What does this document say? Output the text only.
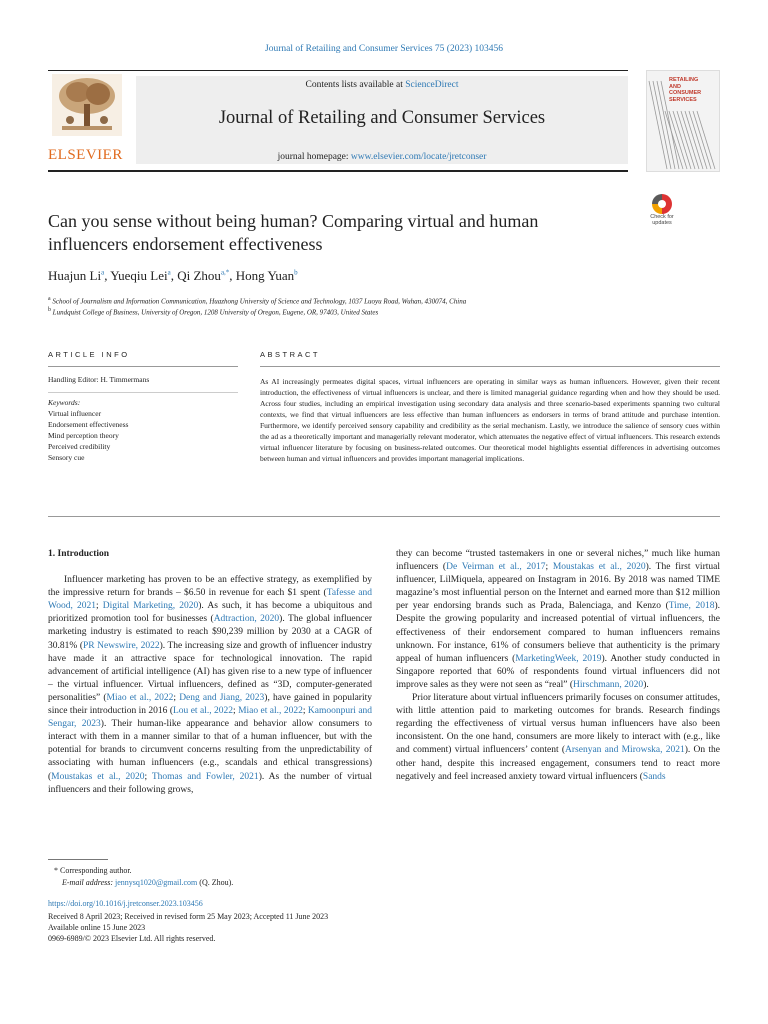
Journal of Retailing and Consumer Services 75 (2023) 103456
ELSEVIER
Contents lists available at ScienceDirect
Journal of Retailing and Consumer Services
journal homepage: www.elsevier.com/locate/jretconser
RETAILING
AND
CONSUMER
SERVICES
Check for
updates
Can you sense without being human? Comparing virtual and human influencers endorsement effectiveness
Huajun Li$^a$, Yueqiu Lei$^a$, Qi Zhou$^{a,*}$, Hong Yuan$^b$
$^a$ School of Journalism and Information Communication, Huazhong University of Science and Technology, 1037 Luoyu Road, Wuhan, 430074, China
$^b$ Lundquist College of Business, University of Oregon, 1208 University of Oregon, Eugene, OR, 97403, United States
ARTICLE INFO	ABSTRACT
Handling Editor: H. Timmermans
Keywords:
Virtual influencer
Endorsement effectiveness
Mind perception theory
Perceived credibility
Sensory cue
As AI increasingly permeates digital spaces, virtual influencers are operating in similar ways as human influencers. However, given their recent introduction, the effectiveness of virtual influencers is unclear, and there is limited managerial guidance regarding when and how they should be used. Across four studies, including an empirical investigation using secondary data analysis and three scenario-based experiments spanning two cultural contexts, we find that virtual influencers are less effective than human influencers as endorsers in terms of brand attitude and purchase intention. Furthermore, we identify perceived sensory capability and credibility as the serial mechanism. Lastly, we introduce the salience of sensory cues within the ad as a theoretically important and managerially relevant moderator, which attenuates the negative effect of virtual influencers. This research extends virtual influencer literature by focusing on business-related outcomes. Our theoretical model highlights essential differences in advertising outcomes between human and virtual influencers and provides important managerial implications.

1. Introduction

Influencer marketing has proven to be an effective strategy, as exemplified by the impressive return for brands – $6.50 in revenue for each $1 spent (Tafesse and Wood, 2021; Digital Marketing, 2020). As such, it has become a ubiquitous and prioritized promotion tool for businesses (Adtraction, 2020). The global influencer marketing industry is estimated to reach $90,239 million by 2030 at a CAGR of 30.81% (PR Newswire, 2022). The increasing size and growth of influencer industry have made it an attractive space for technological innovation. The rapid advancement of artificial intelligence (AI) has given rise to a new type of influencer – the virtual influencer. Virtual influencers, defined as “3D, computer-generated personalities” (Miao et al., 2022; Deng and Jiang, 2023), have gained in popularity since their introduction in 2016 (Lou et al., 2022; Miao et al., 2022; Kamoonpuri and Sengar, 2023). Their human-like appearance and behavior allow consumers to interact with them in a manner similar to that of a human influencer, but with the potential for brands to circumvent concerns resulting from the unpredictability of associating with human influencers (e.g., scandals and ethical transgressions) (Moustakas et al., 2020; Thomas and Fowler, 2021). As the number of virtual influencers and their following grows,

they can become “trusted tastemakers in one or several niches,” much like human influencers (De Veirman et al., 2017; Moustakas et al., 2020). The first virtual influencer, LilMiquela, appeared on Instagram in 2016. By 2018 was named TIME magazine’s most influential person on the Internet and earned more than $12 million per year endorsing brands such as Prada, Balenciaga, and Kenzo (Time, 2018). Despite the growing popularity and increased potential of virtual influencers, the effectiveness of their endorsement compared to human influencers remains unknown. For instance, 61% of consumers believe that authenticity is the primary appeal of human influencers (MarketingWeek, 2019). Another study conducted in Singapore reported that 60% of respondents found virtual influencers did not improve sales as they were not seen as “real” (Hirschmann, 2020).

Prior literature about virtual influencers primarily focuses on consumer attitudes, with little attention paid to marketing outcomes for brands. Research findings regarding the effectiveness of virtual versus human influencers have also been inconsistent. On the one hand, consumers are more likely to interact with (e.g., like and comment) virtual influencers’ content (Arsenyan and Mirowska, 2021). On the other hand, despite this increased engagement, consumers tend to react more negatively and feel increased anxiety toward virtual influencers (Sands

* Corresponding author.
E-mail address: jennysq1020@gmail.com (Q. Zhou).
https://doi.org/10.1016/j.jretconser.2023.103456
Received 8 April 2023; Received in revised form 25 May 2023; Accepted 11 June 2023
Available online 15 June 2023
0969-6989/© 2023 Elsevier Ltd. All rights reserved.
